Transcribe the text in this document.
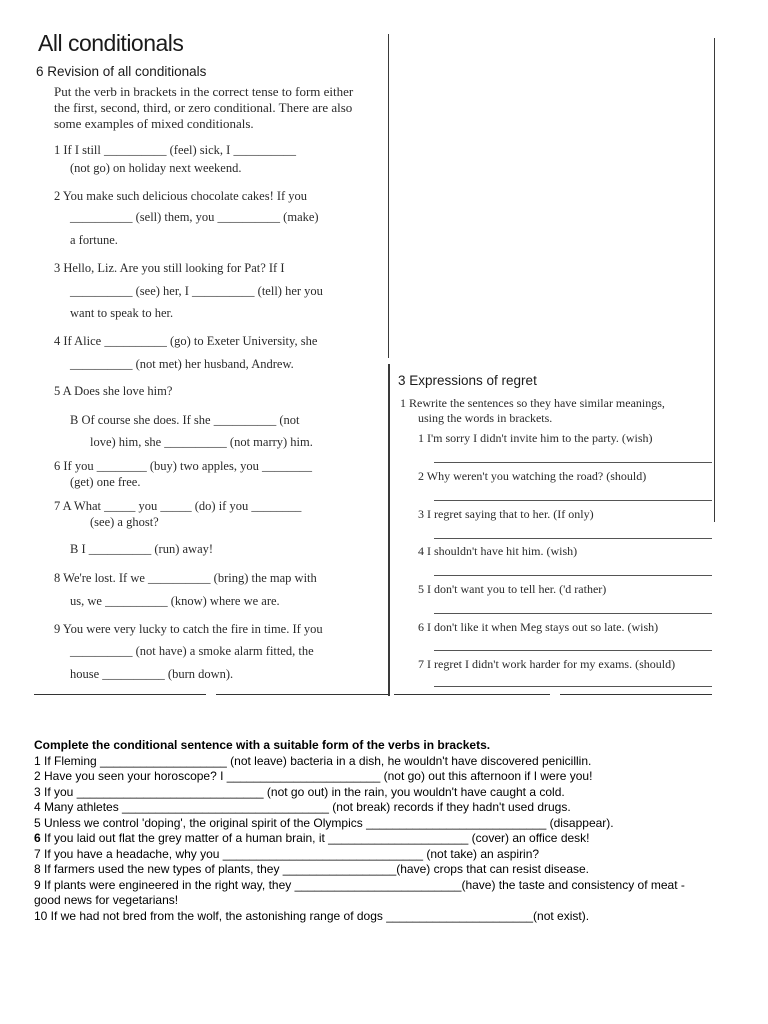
All conditionals
6 Revision of all conditionals
Put the verb in brackets in the correct tense to form either
the first, second, third, or zero conditional. There are also
some examples of mixed conditionals.
1 If I still __________ (feel) sick, I __________
(not go) on holiday next weekend.
2 You make such delicious chocolate cakes! If you
__________ (sell) them, you __________ (make)
a fortune.
3 Hello, Liz. Are you still looking for Pat? If I
__________ (see) her, I __________ (tell) her you
want to speak to her.
4 If Alice __________ (go) to Exeter University, she
__________ (not met) her husband, Andrew.
5 A Does she love him?
B Of course she does. If she __________ (not
love) him, she __________ (not marry) him.
6 If you ________ (buy) two apples, you ________
(get) one free.
7 A What _____ you _____ (do) if you ________
(see) a ghost?
B I __________ (run) away!
8 We're lost. If we __________ (bring) the map with
us, we __________ (know) where we are.
9 You were very lucky to catch the fire in time. If you
__________ (not have) a smoke alarm fitted, the
house __________ (burn down).
3 Expressions of regret
1 Rewrite the sentences so they have similar meanings,
using the words in brackets.
1 I'm sorry I didn't invite him to the party. (wish)
2 Why weren't you watching the road? (should)
3 I regret saying that to her. (If only)
4 I shouldn't have hit him. (wish)
5 I don't want you to tell her. ('d rather)
6 I don't like it when Meg stays out so late. (wish)
7 I regret I didn't work harder for my exams. (should)
Complete the conditional sentence with a suitable form of the verbs in brackets.
1 If Fleming ___________________ (not leave) bacteria in a dish, he wouldn't have discovered penicillin.
2 Have you seen your horoscope? I _______________________ (not go) out this afternoon if I were you!
3 If you ____________________________ (not go out) in the rain, you wouldn't have caught a cold.
4 Many athletes _______________________________ (not break) records if they hadn't used drugs.
5 Unless we control 'doping', the original spirit of the Olympics ___________________________ (disappear).
6 If you laid out flat the grey matter of a human brain, it _____________________ (cover) an office desk!
7 If you have a headache, why you ______________________________ (not take) an aspirin?
8 If farmers used the new types of plants, they _________________(have) crops that can resist disease.
9 If plants were engineered in the right way, they _________________________(have) the taste and consistency of meat -
good news for vegetarians!
10 If we had not bred from the wolf, the astonishing range of dogs ______________________(not exist).
